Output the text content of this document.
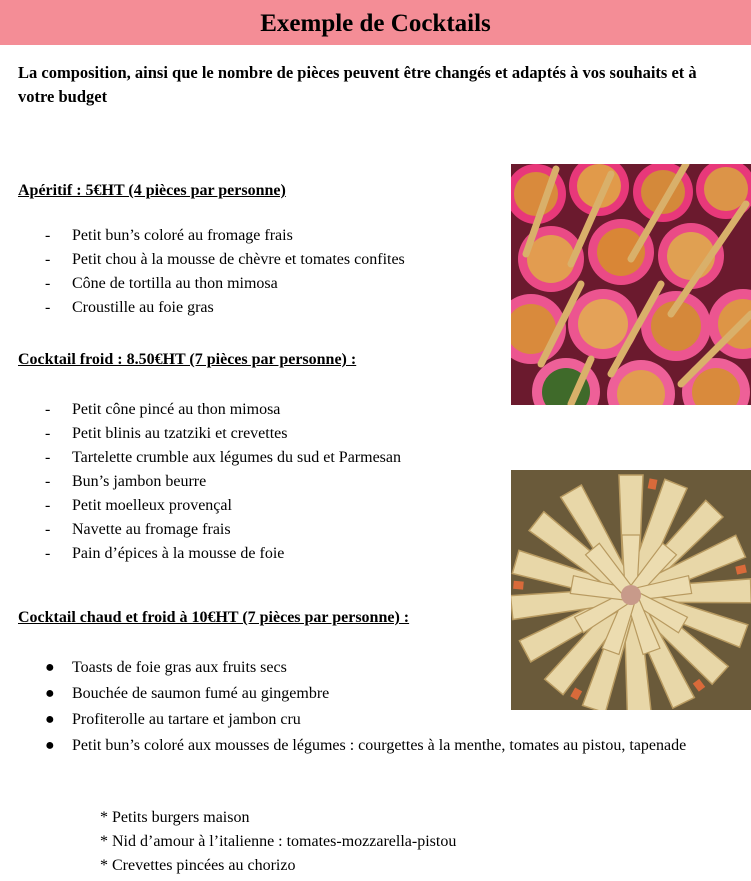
Exemple de Cocktails
La composition, ainsi que le nombre de pièces peuvent être changés et adaptés à vos souhaits et à votre budget

Apéritif : 5€HT (4 pièces par personne)

- Petit bun’s coloré au fromage frais
- Petit chou à la mousse de chèvre et tomates confites
- Cône de tortilla au thon mimosa
- Croustille au foie gras

Cocktail froid : 8.50€HT (7 pièces par personne) :

- Petit cône pincé au thon mimosa
- Petit blinis au tzatziki et crevettes
- Tartelette crumble aux légumes du sud et Parmesan
- Bun’s jambon beurre
- Petit moelleux provençal
- Navette au fromage frais
- Pain d’épices à la mousse de foie

Cocktail chaud et froid à 10€HT (7 pièces par personne) :

● Toasts de foie gras aux fruits secs
● Bouchée de saumon fumé au gingembre
● Profiterolle au tartare et jambon cru
● Petit bun’s coloré aux mousses de légumes : courgettes à la menthe, tomates au pistou, tapenade
* Petits burgers maison
* Nid d’amour à l’italienne : tomates-mozzarella-pistou
* Crevettes pincées au chorizo
